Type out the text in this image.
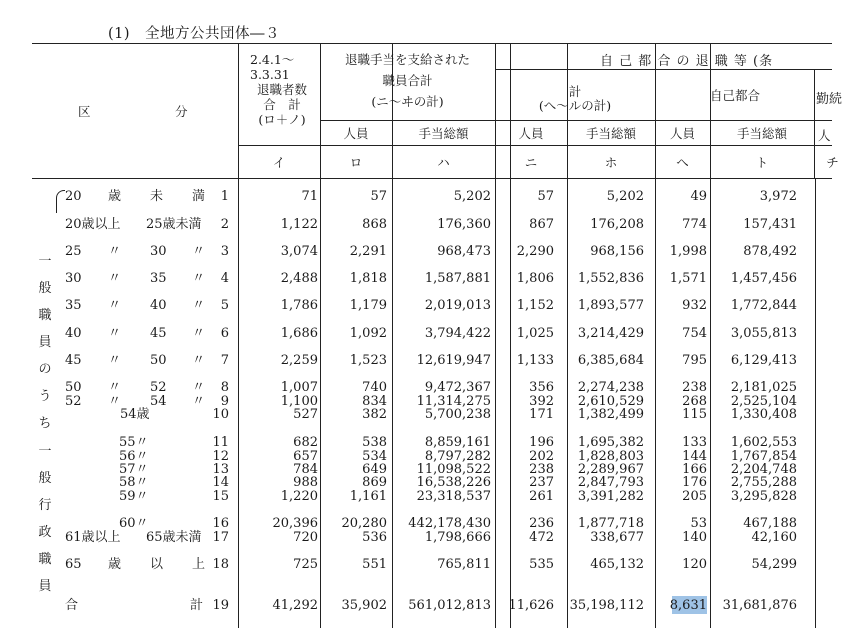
(1)　全地方公共団体―３
区	分
2.4.1～
3.3.31
退職者数
合　計
(ロ＋ノ)
退職手当を支給された
職員合計
(ニ～ヰの計)
自 己 都 合 の 退 職 等 (条
計
(へ～ルの計)
自己都合	勤続
人員	手当総額	人員	手当総額	人員	手当総額	人
イ	ロ	ハ	ニ	ホ	へ	ト	チ
一
般
職
員
の
う
ち
一
般
行
政
職
員
20 歳 未 満	1	71	57	5,202	57	5,202	49	3,972
20歳以上 25歳未満	2	1,122	868	176,360	867	176,208	774	157,431
25 〃 30 〃	3	3,074	2,291	968,473	2,290	968,156	1,998	878,492
30 〃 35 〃	4	2,488	1,818	1,587,881	1,806	1,552,836	1,571	1,457,456
35 〃 40 〃	5	1,786	1,179	2,019,013	1,152	1,893,577	932	1,772,844
40 〃 45 〃	6	1,686	1,092	3,794,422	1,025	3,214,429	754	3,055,813
45 〃 50 〃	7	2,259	1,523	12,619,947	1,133	6,385,684	795	6,129,413
50 〃 52 〃	8	1,007	740	9,472,367	356	2,274,238	238	2,181,025
52 〃 54 〃	9	1,100	834	11,314,275	392	2,610,529	268	2,525,104
54歳	10	527	382	5,700,238	171	1,382,499	115	1,330,408
55〃	11	682	538	8,859,161	196	1,695,382	133	1,602,553
56〃	12	657	534	8,797,282	202	1,828,803	144	1,767,854
57〃	13	784	649	11,098,522	238	2,289,967	166	2,204,748
58〃	14	988	869	16,538,226	237	2,847,793	176	2,755,288
59〃	15	1,220	1,161	23,318,537	261	3,391,282	205	3,295,828
60〃	16	20,396	20,280	442,178,430	236	1,877,718	53	467,188
61歳以上 65歳未満 17	720	536	1,798,666	472	338,677	140	42,160
65 歳 以 上 18	725	551	765,811	535	465,132	120	54,299
合	計 19	41,292	35,902	561,012,813	11,626	35,198,112	8,631	31,681,876
